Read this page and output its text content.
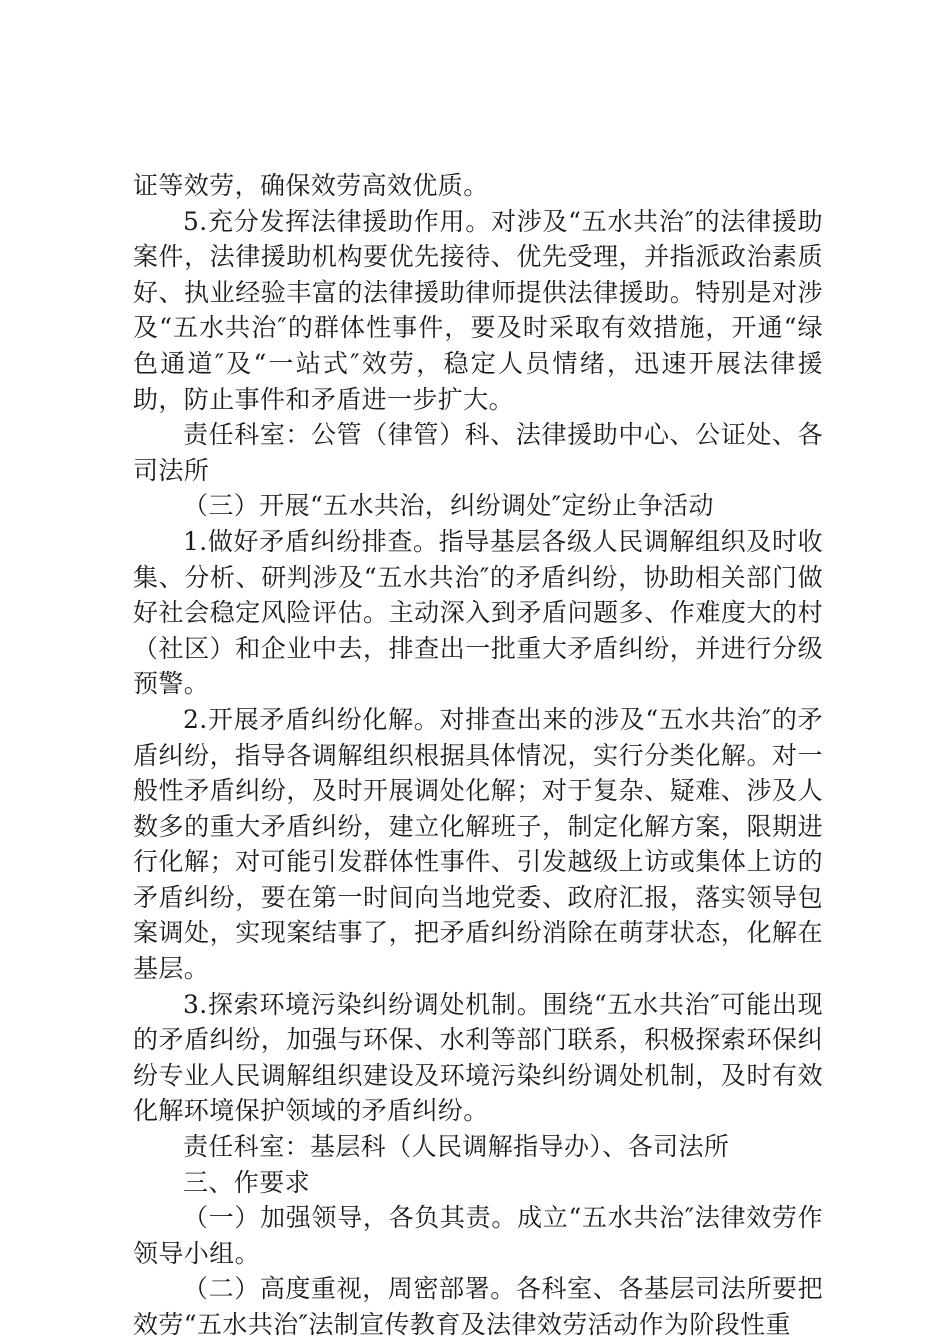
证等效劳，确保效劳高效优质。

5.充分发挥法律援助作用。对涉及“五水共治″的法律援助案件，法律援助机构要优先接待、优先受理，并指派政治素质好、执业经验丰富的法律援助律师提供法律援助。特别是对涉及“五水共治″的群体性事件，要及时采取有效措施，开通“绿色通道″及“一站式″效劳，稳定人员情绪，迅速开展法律援助，防止事件和矛盾进一步扩大。

责任科室：公管（律管）科、法律援助中心、公证处、各司法所

（三）开展“五水共治，纠纷调处″定纷止争活动

1.做好矛盾纠纷排查。指导基层各级人民调解组织及时收集、分析、研判涉及“五水共治″的矛盾纠纷，协助相关部门做好社会稳定风险评估。主动深入到矛盾问题多、作难度大的村（社区）和企业中去，排查出一批重大矛盾纠纷，并进行分级预警。

2.开展矛盾纠纷化解。对排查出来的涉及“五水共治″的矛盾纠纷，指导各调解组织根据具体情况，实行分类化解。对一般性矛盾纠纷，及时开展调处化解；对于复杂、疑难、涉及人数多的重大矛盾纠纷，建立化解班子，制定化解方案，限期进行化解；对可能引发群体性事件、引发越级上访或集体上访的矛盾纠纷，要在第一时间向当地党委、政府汇报，落实领导包案调处，实现案结事了，把矛盾纠纷消除在萌芽状态，化解在基层。

3.探索环境污染纠纷调处机制。围绕“五水共治″可能出现的矛盾纠纷，加强与环保、水利等部门联系，积极探索环保纠纷专业人民调解组织建设及环境污染纠纷调处机制，及时有效化解环境保护领域的矛盾纠纷。

责任科室：基层科（人民调解指导办）、各司法所

三、作要求

（一）加强领导，各负其责。成立“五水共治″法律效劳作领导小组。

（二）高度重视，周密部署。各科室、各基层司法所要把效劳“五水共治″法制宣传教育及法律效劳活动作为阶段性重
